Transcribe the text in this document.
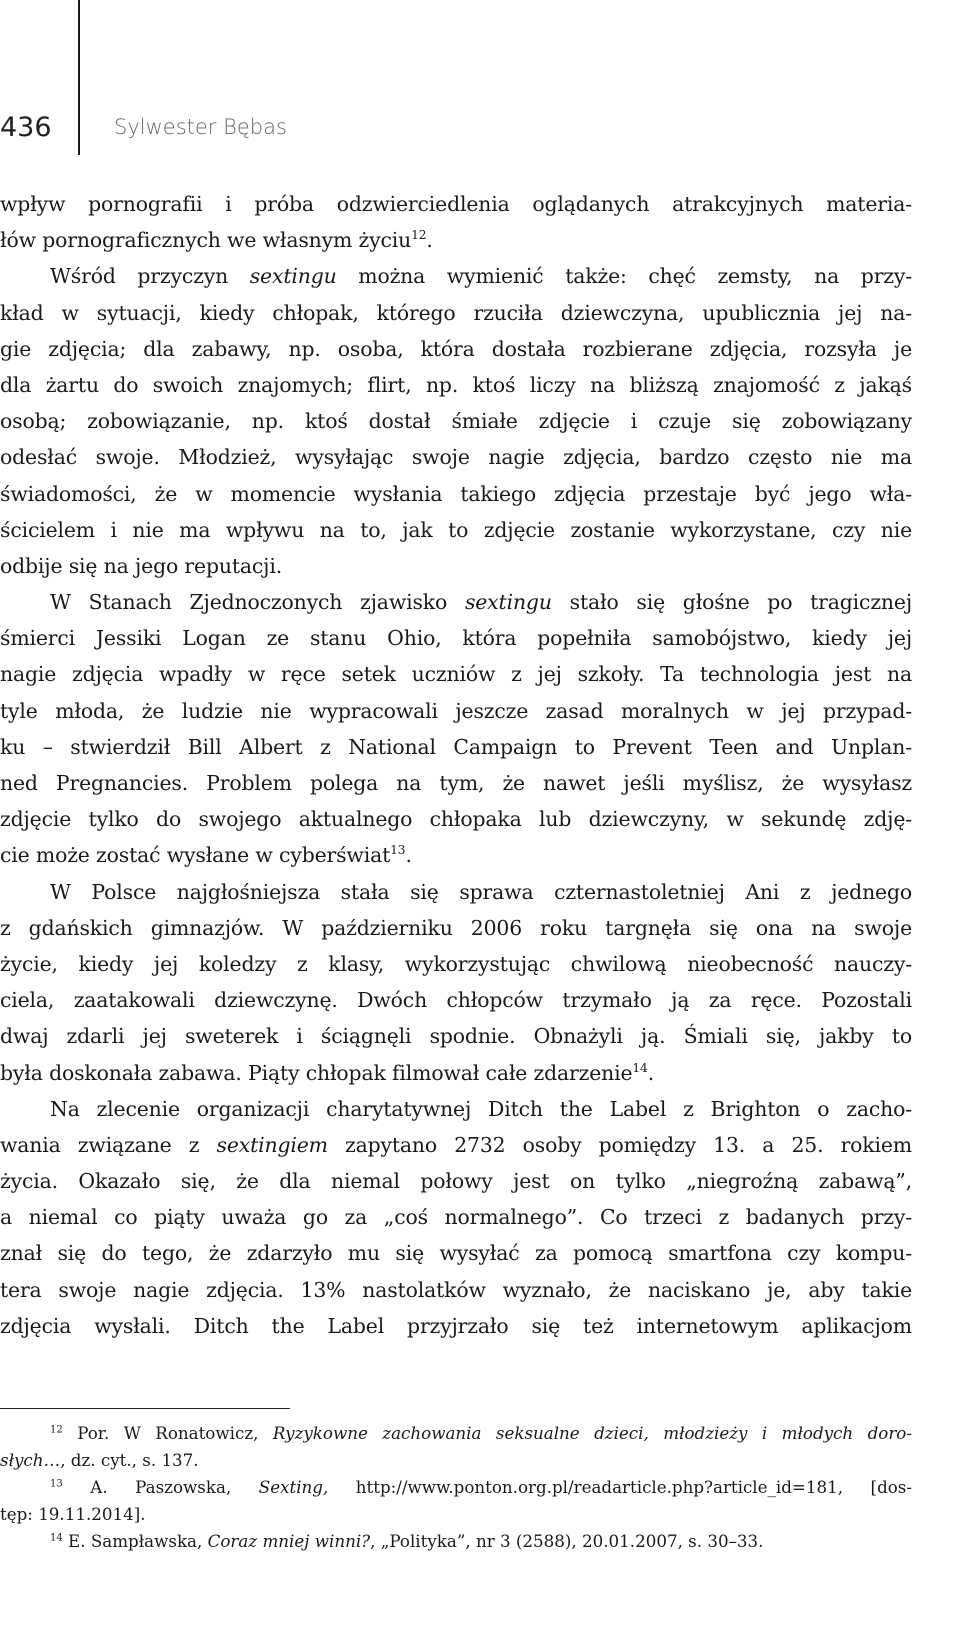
436	Sylwester Bębas
wpływ pornografii i próba odzwierciedlenia oglądanych atrakcyjnych materia-
łów pornograficznych we własnym życiu$^{12}$.
Wśród przyczyn sextingu można wymienić także: chęć zemsty, na przy-
kład w sytuacji, kiedy chłopak, którego rzuciła dziewczyna, upublicznia jej na-
gie zdjęcia; dla zabawy, np. osoba, która dostała rozbierane zdjęcia, rozsyła je
dla żartu do swoich znajomych; flirt, np. ktoś liczy na bliższą znajomość z jakąś
osobą; zobowiązanie, np. ktoś dostał śmiałe zdjęcie i czuje się zobowiązany
odesłać swoje. Młodzież, wysyłając swoje nagie zdjęcia, bardzo często nie ma
świadomości, że w momencie wysłania takiego zdjęcia przestaje być jego wła-
ścicielem i nie ma wpływu na to, jak to zdjęcie zostanie wykorzystane, czy nie
odbije się na jego reputacji.
W Stanach Zjednoczonych zjawisko sextingu stało się głośne po tragicznej
śmierci Jessiki Logan ze stanu Ohio, która popełniła samobójstwo, kiedy jej
nagie zdjęcia wpadły w ręce setek uczniów z jej szkoły. Ta technologia jest na
tyle młoda, że ludzie nie wypracowali jeszcze zasad moralnych w jej przypad-
ku – stwierdził Bill Albert z National Campaign to Prevent Teen and Unplan-
ned Pregnancies. Problem polega na tym, że nawet jeśli myślisz, że wysyłasz
zdjęcie tylko do swojego aktualnego chłopaka lub dziewczyny, w sekundę zdję-
cie może zostać wysłane w cyberświat$^{13}$.
W Polsce najgłośniejsza stała się sprawa czternastoletniej Ani z jednego
z gdańskich gimnazjów. W październiku 2006 roku targnęła się ona na swoje
życie, kiedy jej koledzy z klasy, wykorzystując chwilową nieobecność nauczy-
ciela, zaatakowali dziewczynę. Dwóch chłopców trzymało ją za ręce. Pozostali
dwaj zdarli jej sweterek i ściągnęli spodnie. Obnażyli ją. Śmiali się, jakby to
była doskonała zabawa. Piąty chłopak filmował całe zdarzenie$^{14}$.
Na zlecenie organizacji charytatywnej Ditch the Label z Brighton o zacho-
wania związane z sextingiem zapytano 2732 osoby pomiędzy 13. a 25. rokiem
życia. Okazało się, że dla niemal połowy jest on tylko „niegroźną zabawą”,
a niemal co piąty uważa go za „coś normalnego”. Co trzeci z badanych przy-
znał się do tego, że zdarzyło mu się wysyłać za pomocą smartfona czy kompu-
tera swoje nagie zdjęcia. 13% nastolatków wyznało, że naciskano je, aby takie
zdjęcia wysłali. Ditch the Label przyjrzało się też internetowym aplikacjom
$^{12}$ Por. W Ronatowicz, Ryzykowne zachowania seksualne dzieci, młodzieży i młodych doro-
słych…, dz. cyt., s. 137.
$^{13}$ A. Paszowska, Sexting, http://www.ponton.org.pl/readarticle.php?article_id=181, [dos-
tęp: 19.11.2014].
$^{14}$ E. Sampławska, Coraz mniej winni?, „Polityka”, nr 3 (2588), 20.01.2007, s. 30–33.
